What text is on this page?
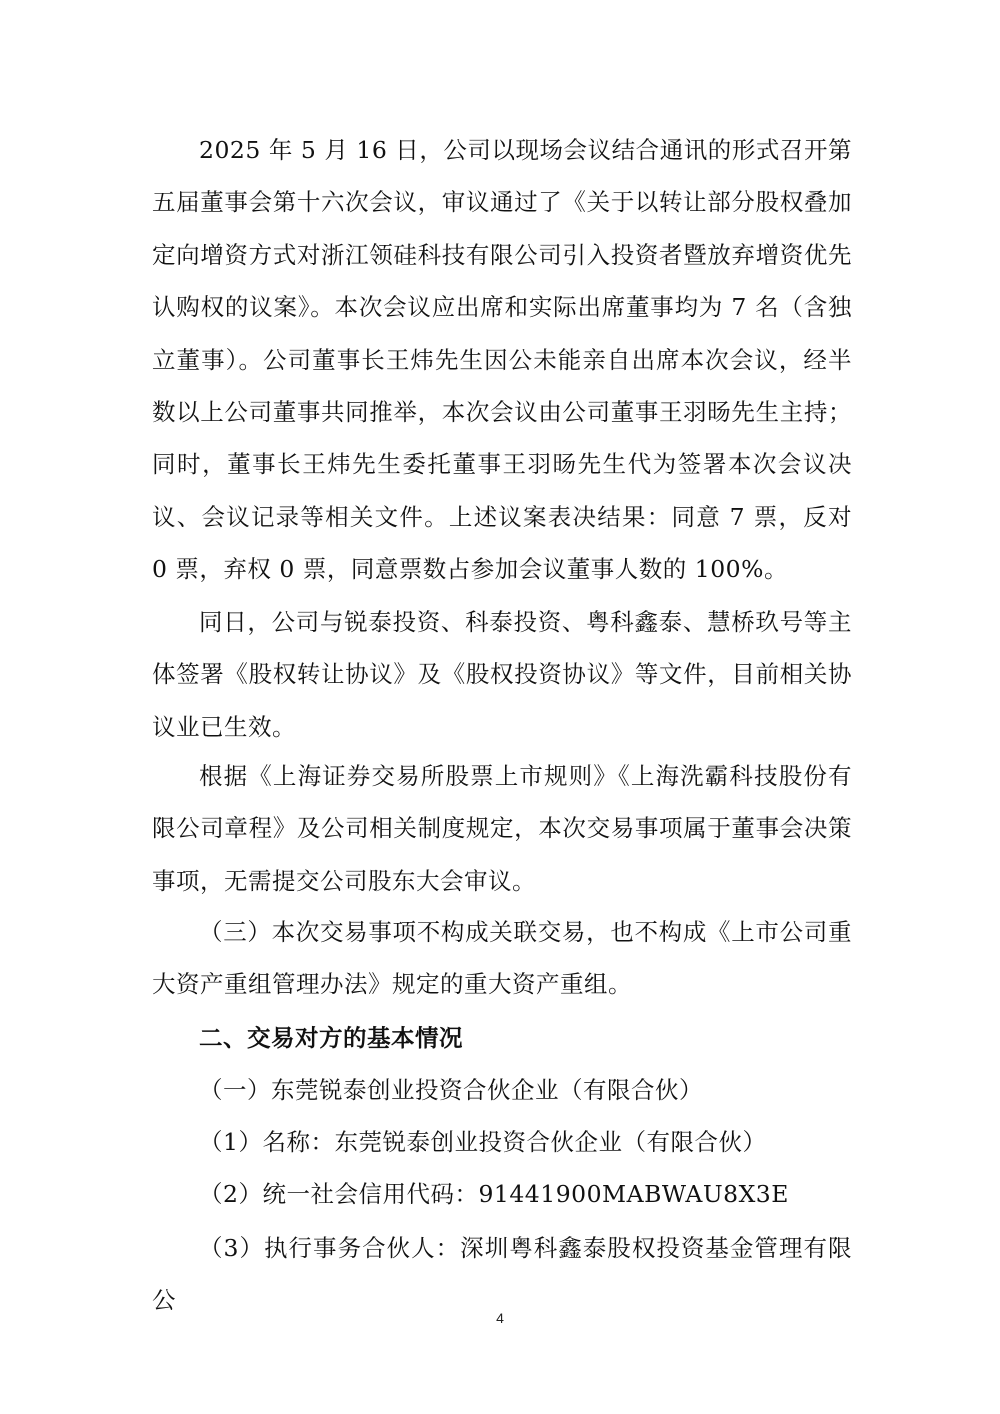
2025 年 5 月 16 日，公司以现场会议结合通讯的形式召开第五届董事会第十六次会议，审议通过了《关于以转让部分股权叠加定向增资方式对浙江领硅科技有限公司引入投资者暨放弃增资优先认购权的议案》。本次会议应出席和实际出席董事均为 7 名（含独立董事）。公司董事长王炜先生因公未能亲自出席本次会议，经半数以上公司董事共同推举，本次会议由公司董事王羽旸先生主持；同时，董事长王炜先生委托董事王羽旸先生代为签署本次会议决议、会议记录等相关文件。上述议案表决结果：同意 7 票，反对 0 票，弃权 0 票，同意票数占参加会议董事人数的 100%。

同日，公司与锐泰投资、科泰投资、粤科鑫泰、慧桥玖号等主体签署《股权转让协议》及《股权投资协议》等文件，目前相关协议业已生效。

根据《上海证券交易所股票上市规则》《上海洗霸科技股份有限公司章程》及公司相关制度规定，本次交易事项属于董事会决策事项，无需提交公司股东大会审议。

（三）本次交易事项不构成关联交易，也不构成《上市公司重大资产重组管理办法》规定的重大资产重组。

二、交易对方的基本情况

（一）东莞锐泰创业投资合伙企业（有限合伙）

（1）名称：东莞锐泰创业投资合伙企业（有限合伙）

（2）统一社会信用代码：91441900MABWAU8X3E

（3）执行事务合伙人：深圳粤科鑫泰股权投资基金管理有限公

4
